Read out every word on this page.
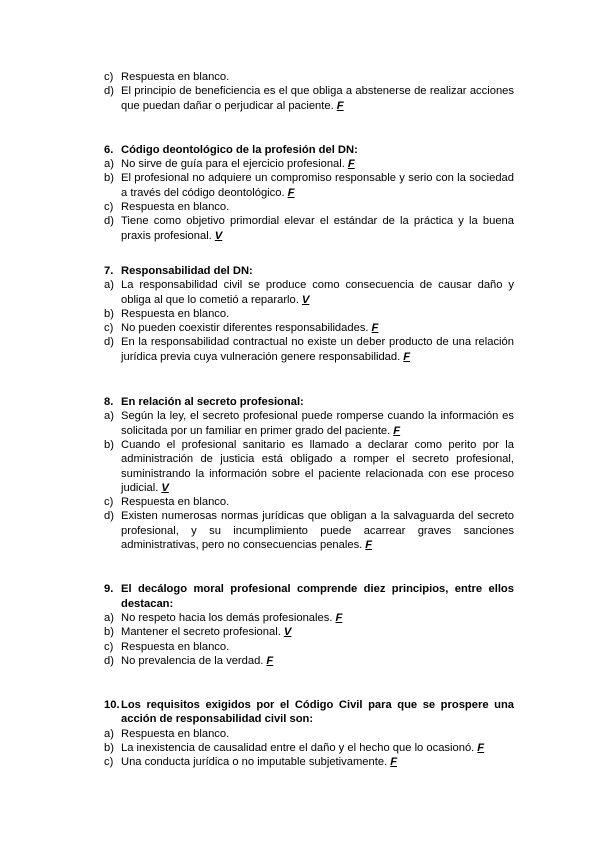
c) Respuesta en blanco.
d) El principio de beneficiencia es el que obliga a abstenerse de realizar acciones que puedan dañar o perjudicar al paciente. F
6. Código deontológico de la profesión del DN:
a) No sirve de guía para el ejercicio profesional. F
b) El profesional no adquiere un compromiso responsable y serio con la sociedad a través del código deontológico. F
c) Respuesta en blanco.
d) Tiene como objetivo primordial elevar el estándar de la práctica y la buena praxis profesional. V
7. Responsabilidad del DN:
a) La responsabilidad civil se produce como consecuencia de causar daño y obliga al que lo cometió a repararlo. V
b) Respuesta en blanco.
c) No pueden coexistir diferentes responsabilidades. F
d) En la responsabilidad contractual no existe un deber producto de una relación jurídica previa cuya vulneración genere responsabilidad. F
8. En relación al secreto profesional:
a) Según la ley, el secreto profesional puede romperse cuando la información es solicitada por un familiar en primer grado del paciente. F
b) Cuando el profesional sanitario es llamado a declarar como perito por la administración de justicia está obligado a romper el secreto profesional, suministrando la información sobre el paciente relacionada con ese proceso judicial. V
c) Respuesta en blanco.
d) Existen numerosas normas jurídicas que obligan a la salvaguarda del secreto profesional, y su incumplimiento puede acarrear graves sanciones administrativas, pero no consecuencias penales. F
9. El decálogo moral profesional comprende diez principios, entre ellos destacan:
a) No respeto hacia los demás profesionales. F
b) Mantener el secreto profesional. V
c) Respuesta en blanco.
d) No prevalencia de la verdad. F
10. Los requisitos exigidos por el Código Civil para que se prospere una acción de responsabilidad civil son:
a) Respuesta en blanco.
b) La inexistencia de causalidad entre el daño y el hecho que lo ocasionó. F
c) Una conducta jurídica o no imputable subjetivamente. F
